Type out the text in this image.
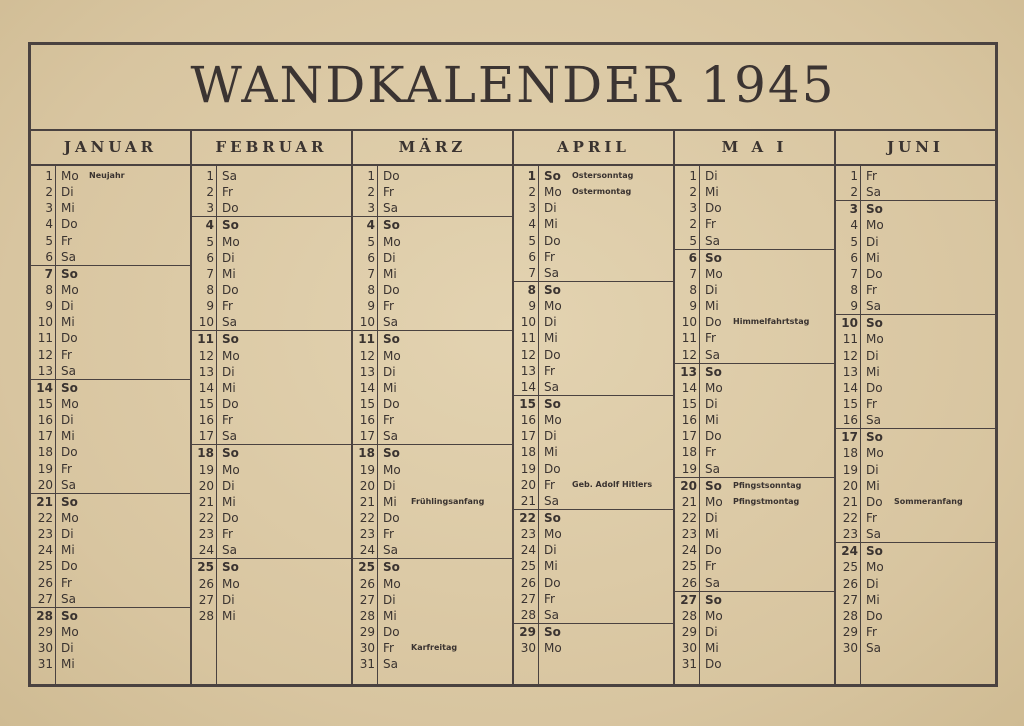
WANDKALENDER 1945
JANUAR
1 Mo Neujahr
2 Di
3 Mi
4 Do
5 Fr
6 Sa
7 So
8 Mo
9 Di
10 Mi
11 Do
12 Fr
13 Sa
14 So
15 Mo
16 Di
17 Mi
18 Do
19 Fr
20 Sa
21 So
22 Mo
23 Di
24 Mi
25 Do
26 Fr
27 Sa
28 So
29 Mo
30 Di
31 Mi
FEBRUAR
1 Sa
2 Fr
3 Do
4 So
5 Mo
6 Di
7 Mi
8 Do
9 Fr
10 Sa
11 So
12 Mo
13 Di
14 Mi
15 Do
16 Fr
17 Sa
18 So
19 Mo
20 Di
21 Mi
22 Do
23 Fr
24 Sa
25 So
26 Mo
27 Di
28 Mi
MÄRZ
1 Do
2 Fr
3 Sa
4 So
5 Mo
6 Di
7 Mi
8 Do
9 Fr
10 Sa
11 So
12 Mo
13 Di
14 Mi
15 Do
16 Fr
17 Sa
18 So
19 Mo
20 Di
21 Mi Frühlingsanfang
22 Do
23 Fr
24 Sa
25 So
26 Mo
27 Di
28 Mi
29 Do
30 Fr Karfreitag
31 Sa
APRIL
1 So Ostersonntag
2 Mo Ostermontag
3 Di
4 Mi
5 Do
6 Fr
7 Sa
8 So
9 Mo
10 Di
11 Mi
12 Do
13 Fr
14 Sa
15 So
16 Mo
17 Di
18 Mi
19 Do
20 Fr Geb. Adolf Hitlers
21 Sa
22 So
23 Mo
24 Di
25 Mi
26 Do
27 Fr
28 Sa
29 So
30 Mo
M A I
1 Di
2 Mi
3 Do
2 Fr
5 Sa
6 So
7 Mo
8 Di
9 Mi
10 Do Himmelfahrtstag
11 Fr
12 Sa
13 So
14 Mo
15 Di
16 Mi
17 Do
18 Fr
19 Sa
20 So Pfingstsonntag
21 Mo Pfingstmontag
22 Di
23 Mi
24 Do
25 Fr
26 Sa
27 So
28 Mo
29 Di
30 Mi
31 Do
JUNI
1 Fr
2 Sa
3 So
4 Mo
5 Di
6 Mi
7 Do
8 Fr
9 Sa
10 So
11 Mo
12 Di
13 Mi
14 Do
15 Fr
16 Sa
17 So
18 Mo
19 Di
20 Mi
21 Do Sommeranfang
22 Fr
23 Sa
24 So
25 Mo
26 Di
27 Mi
28 Do
29 Fr
30 Sa
